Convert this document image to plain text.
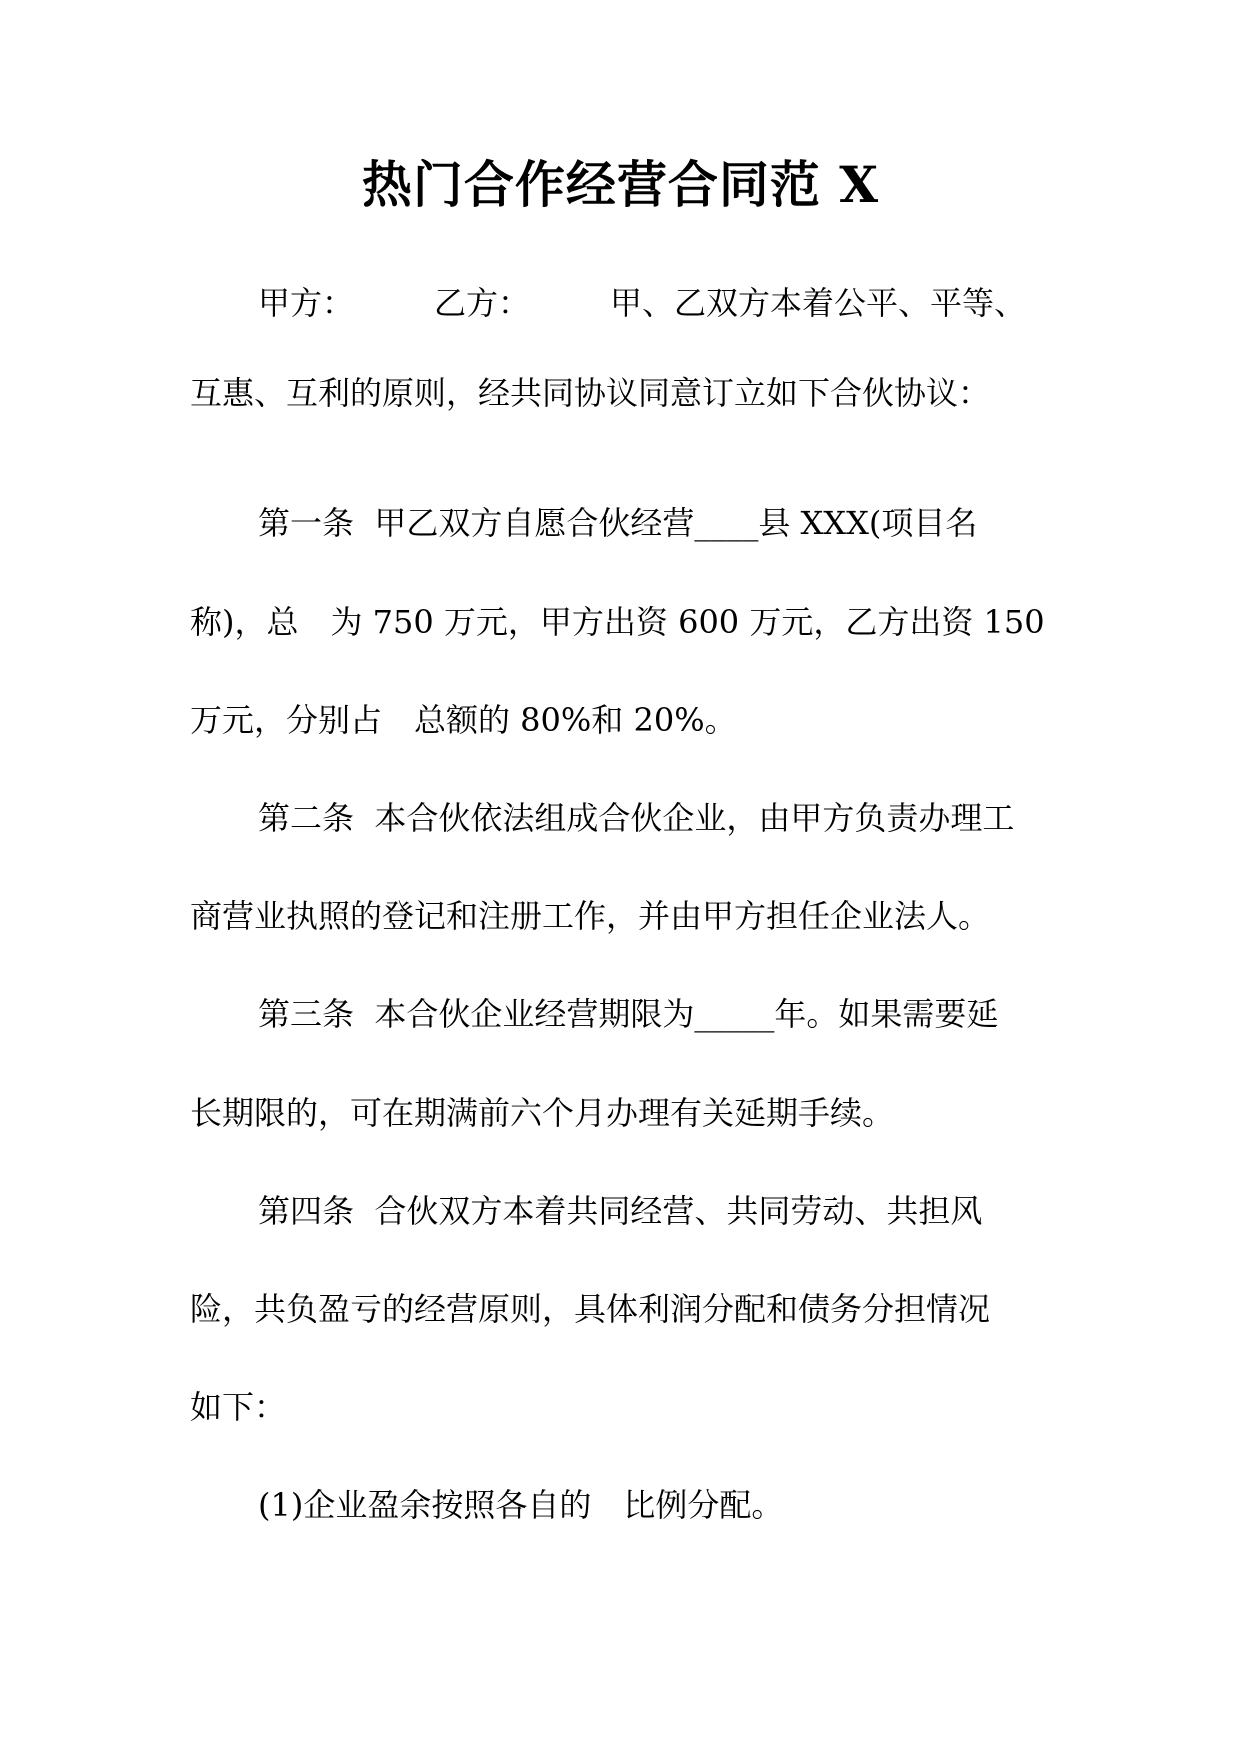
热门合作经营合同范 X

甲方：　　　乙方：　　　甲、乙双方本着公平、平等、

互惠、互利的原则，经共同协议同意订立如下合伙协议：

第一条  甲乙双方自愿合伙经营____县 XXX(项目名

称)，总　为 750 万元，甲方出资 600 万元，乙方出资 150

万元，分别占　总额的 80%和 20%。

第二条  本合伙依法组成合伙企业，由甲方负责办理工

商营业执照的登记和注册工作，并由甲方担任企业法人。

第三条  本合伙企业经营期限为_____年。如果需要延

长期限的，可在期满前六个月办理有关延期手续。

第四条  合伙双方本着共同经营、共同劳动、共担风

险，共负盈亏的经营原则，具体利润分配和债务分担情况

如下：

(1)企业盈余按照各自的　比例分配。
